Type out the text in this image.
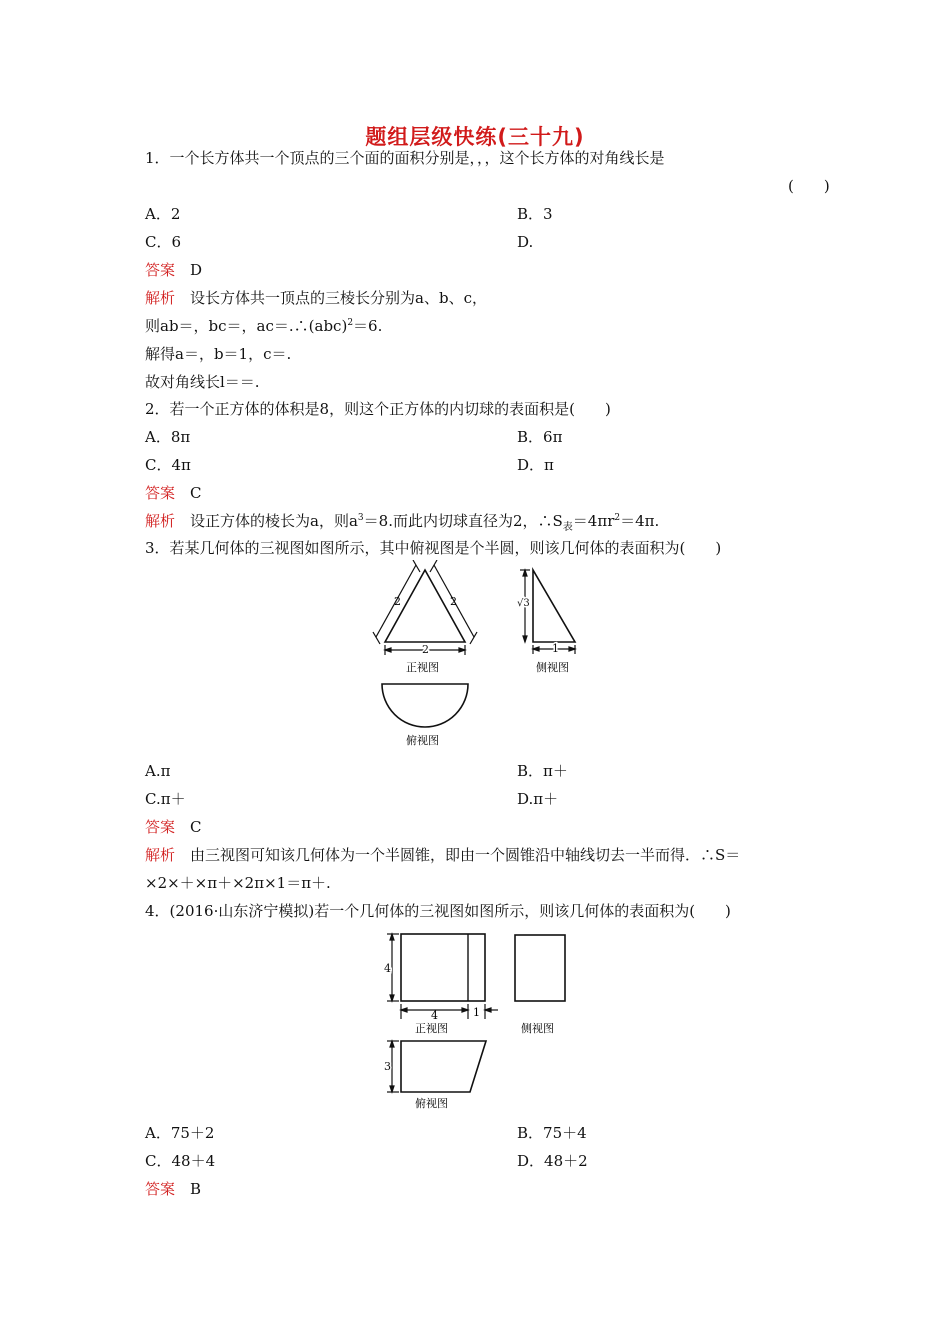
题组层级快练(三十九)
1．一个长方体共一个顶点的三个面的面积分别是，，，这个长方体的对角线长是
(　　)
A．2	B．3
C．6	D.
答案　 D
解析　 设长方体共一顶点的三棱长分别为a、b、c，
则ab＝，bc＝，ac＝.∴(abc)$^2$＝6.
解得a＝，b＝1，c＝.
故对角线长l＝＝.
2．若一个正方体的体积是8，则这个正方体的内切球的表面积是(　　)
A．8π	B．6π
C．4π	D．π
答案　 C
解析　 设正方体的棱长为a，则$a^3=8$.而此内切球直径为2，$\therefore S_表=4\pi r^2=4\pi$.
3．若某几何体的三视图如图所示，其中俯视图是个半圆，则该几何体的表面积为(　　)
2	2
2
正视图
√3
1
侧视图
俯视图
A.π	B．π＋
C.π＋	D.π＋
答案　 C
解析　 由三视图可知该几何体为一个半圆锥，即由一个圆锥沿中轴线切去一半而得．∴S＝
×2×＋×π＋×2π×1＝π＋.
4．(2016·山东济宁模拟)若一个几何体的三视图如图所示，则该几何体的表面积为(　　)
4
4	1
正视图	侧视图
3
俯视图
A．75＋2	B．75＋4
C．48＋4	D．48＋2
答案　 B
